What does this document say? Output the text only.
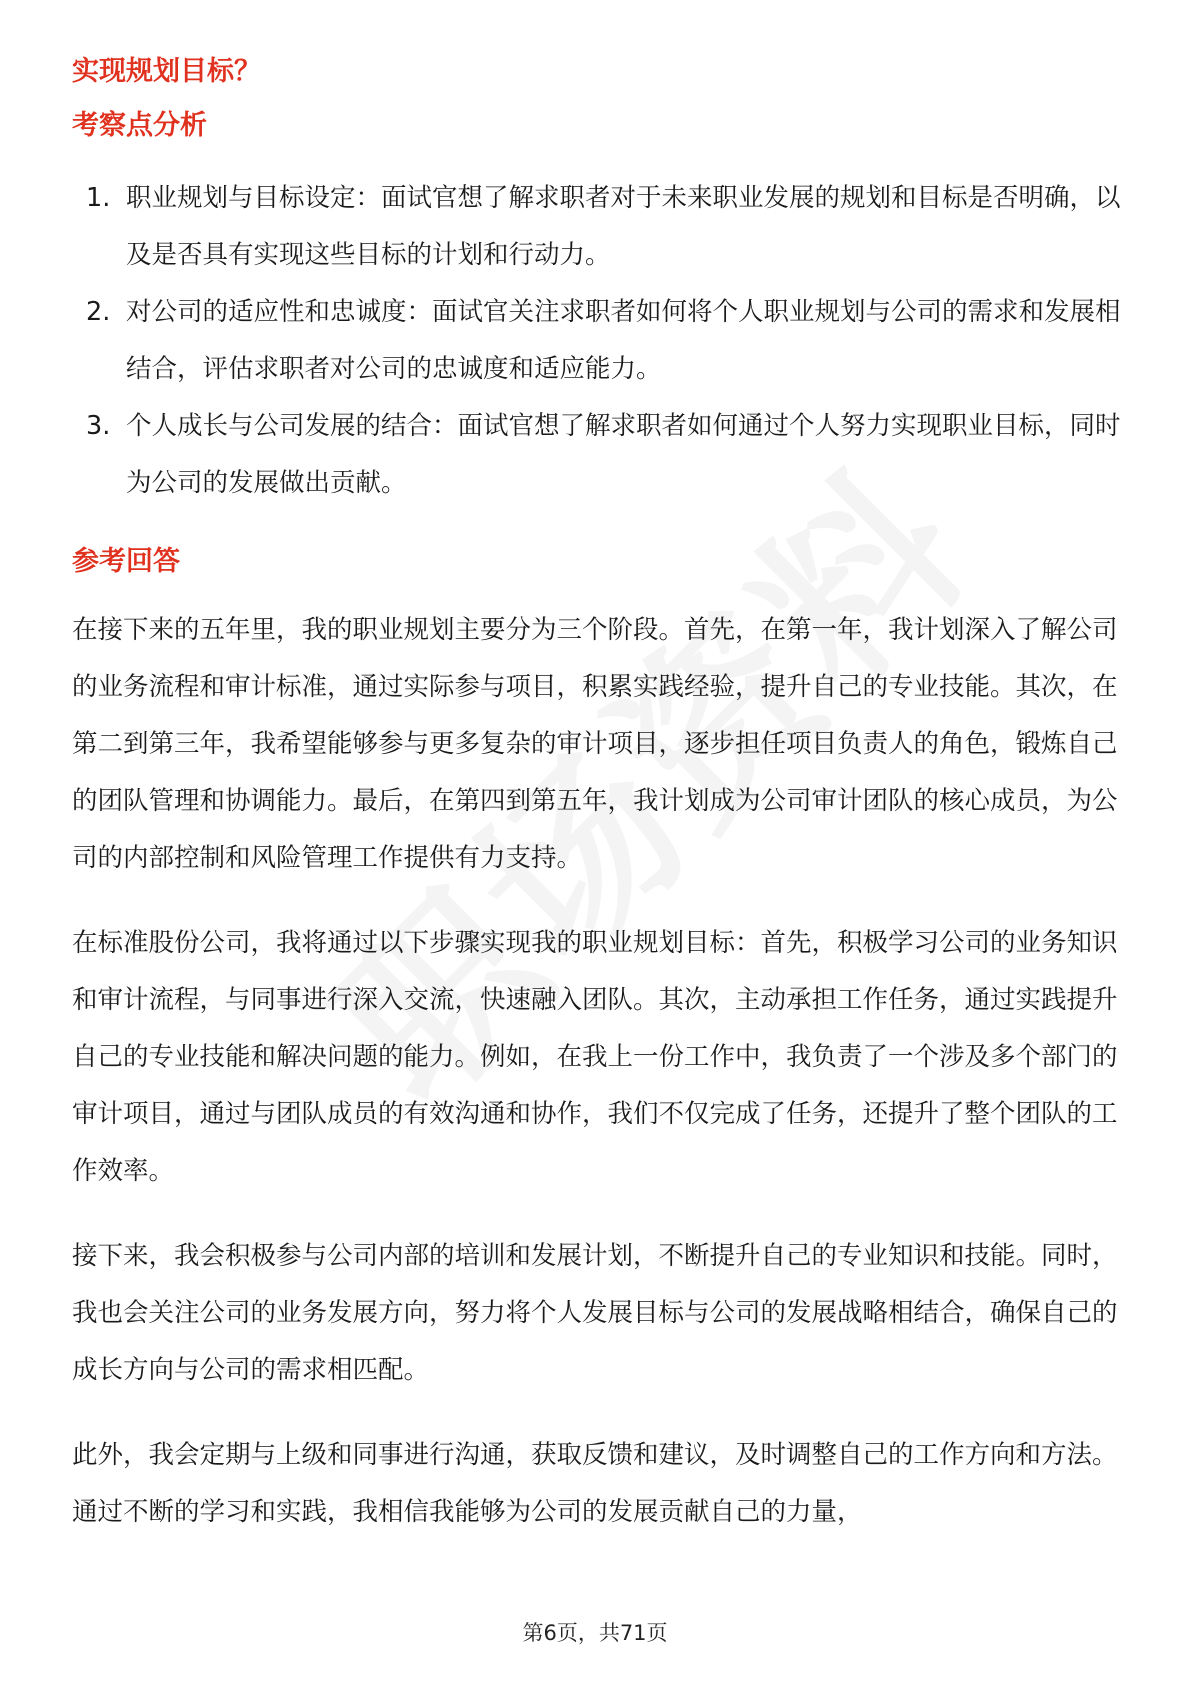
实现规划目标？
考察点分析
1. 职业规划与目标设定：面试官想了解求职者对于未来职业发展的规划和目标是否明确，以及是否具有实现这些目标的计划和行动力。
2. 对公司的适应性和忠诚度：面试官关注求职者如何将个人职业规划与公司的需求和发展相结合，评估求职者对公司的忠诚度和适应能力。
3. 个人成长与公司发展的结合：面试官想了解求职者如何通过个人努力实现职业目标，同时为公司的发展做出贡献。
参考回答

在接下来的五年里，我的职业规划主要分为三个阶段。首先，在第一年，我计划深入了解公司的业务流程和审计标准，通过实际参与项目，积累实践经验，提升自己的专业技能。其次，在第二到第三年，我希望能够参与更多复杂的审计项目，逐步担任项目负责人的角色，锻炼自己的团队管理和协调能力。最后，在第四到第五年，我计划成为公司审计团队的核心成员，为公司的内部控制和风险管理工作提供有力支持。

在标准股份公司，我将通过以下步骤实现我的职业规划目标：首先，积极学习公司的业务知识和审计流程，与同事进行深入交流，快速融入团队。其次，主动承担工作任务，通过实践提升自己的专业技能和解决问题的能力。例如，在我上一份工作中，我负责了一个涉及多个部门的审计项目，通过与团队成员的有效沟通和协作，我们不仅完成了任务，还提升了整个团队的工作效率。

接下来，我会积极参与公司内部的培训和发展计划，不断提升自己的专业知识和技能。同时，我也会关注公司的业务发展方向，努力将个人发展目标与公司的发展战略相结合，确保自己的成长方向与公司的需求相匹配。

此外，我会定期与上级和同事进行沟通，获取反馈和建议，及时调整自己的工作方向和方法。通过不断的学习和实践，我相信我能够为公司的发展贡献自己的力量，

第6页，共71页
